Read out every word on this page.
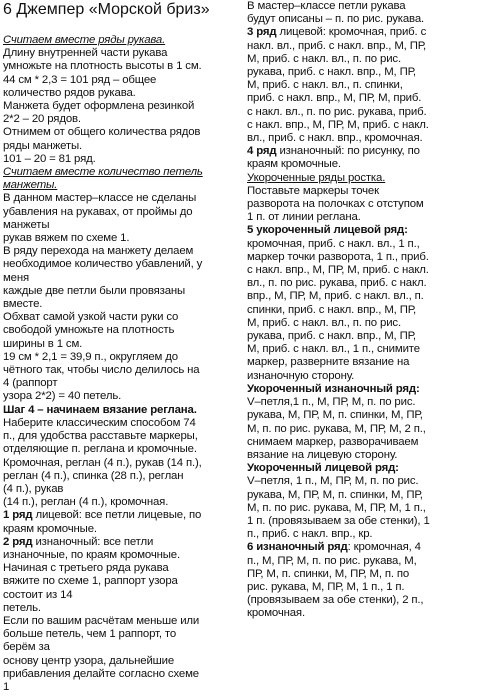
6 Джемпер «Морской бриз»
Считаем вместе ряды рукава.
Длину внутренней части рукава
умножьте на плотность высоты в 1 см.
44 см * 2,3 = 101 ряд – общее
количество рядов рукава.
Манжета будет оформлена резинкой
2*2 – 20 рядов.
Отнимем от общего количества рядов
ряды манжеты.
101 – 20 = 81 ряд.
Считаем вместе количество петель
манжеты.
В данном мастер–классе не сделаны
убавления на рукавах, от проймы до
манжеты
рукав вяжем по схеме 1.
В ряду перехода на манжету делаем
необходимое количество убавлений, у
меня
каждые две петли были провязаны
вместе.
Обхват самой узкой части руки со
свободой умножьте на плотность
ширины в 1 см.
19 см * 2,1 = 39,9 п., округляем до
чётного так, чтобы число делилось на
4 (раппорт
узора 2*2) = 40 петель.
Шаг 4 – начинаем вязание реглана.
Наберите классическим способом 74
п., для удобства расставьте маркеры,
отделяющие п. реглана и кромочные.
Кромочная, реглан (4 п.), рукав (14 п.),
реглан (4 п.), спинка (28 п.), реглан
(4 п.), рукав
(14 п.), реглан (4 п.), кромочная.
1 ряд лицевой: все петли лицевые, по
краям кромочные.
2 ряд изнаночный: все петли
изнаночные, по краям кромочные.
Начиная с третьего ряда рукава
вяжите по схеме 1, раппорт узора
состоит из 14
петель.
Если по вашим расчётам меньше или
больше петель, чем 1 раппорт, то
берём за
основу центр узора, дальнейшие
прибавления делайте согласно схеме
1
В мастер–классе петли рукава
будут описаны – п. по рис. рукава.
3 ряд лицевой: кромочная, приб. с
накл. вл., приб. с накл. впр., М, ПР,
М, приб. с накл. вл., п. по рис.
рукава, приб. с накл. впр., М, ПР,
М, приб. с накл. вл., п. спинки,
приб. с накл. впр., М, ПР, М, приб.
с накл. вл., п. по рис. рукава, приб.
с накл. впр., М, ПР, М, приб. с накл.
вл., приб. с накл. впр., кромочная.
4 ряд изнаночный: по рисунку, по
краям кромочные.
Укороченные ряды ростка.
Поставьте маркеры точек
разворота на полочках с отступом
1 п. от линии реглана.
5 укороченный лицевой ряд:
кромочная, приб. с накл. вл., 1 п.,
маркер точки разворота, 1 п., приб.
с накл. впр., М, ПР, М, приб. с накл.
вл., п. по рис. рукава, приб. с накл.
впр., М, ПР, М, приб. с накл. вл., п.
спинки, приб. с накл. впр., М, ПР,
М, приб. с накл. вл., п. по рис.
рукава, приб. с накл. впр., М, ПР,
М, приб. с накл. вл., 1 п., снимите
маркер, разверните вязание на
изнаночную сторону.
Укороченный изнаночный ряд:
V–петля,1 п., М, ПР, М, п. по рис.
рукава, М, ПР, М, п. спинки, М, ПР,
М, п. по рис. рукава, М, ПР, М, 2 п.,
снимаем маркер, разворачиваем
вязание на лицевую сторону.
Укороченный лицевой ряд:
V–петля, 1 п., М, ПР, М, п. по рис.
рукава, М, ПР, М, п. спинки, М, ПР,
М, п. по рис. рукава, М, ПР, М, 1 п.,
1 п. (провязываем за обе стенки), 1
п., приб. с накл. впр., кр.
6 изнаночный ряд: кромочная, 4
п., М, ПР, М, п. по рис. рукава, М,
ПР, М, п. спинки, М, ПР, М, п. по
рис. рукава, М, ПР, М, 1 п., 1 п.
(провязываем за обе стенки), 2 п.,
кромочная.
